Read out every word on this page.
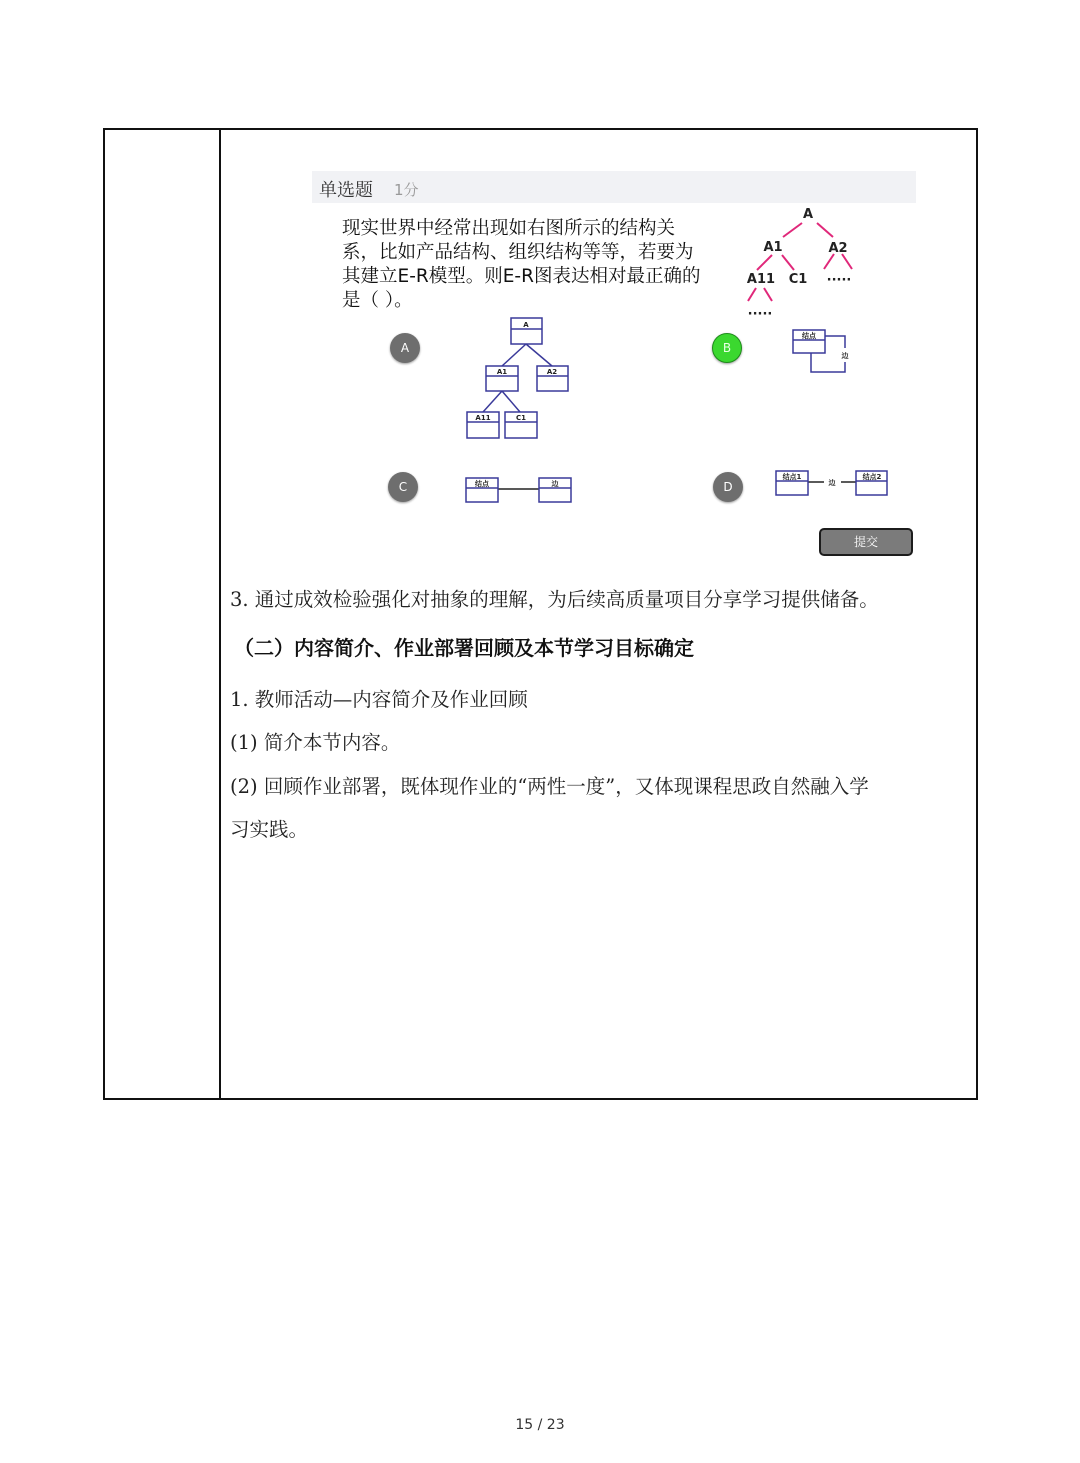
单选题 1分
现实世界中经常出现如右图所示的结构关系，比如产品结构、组织结构等等，若要为其建立E-R模型。则E-R图表达相对最正确的是（ ）。
A
A1	A2
A11 C1 ·····
·····
A
A1	A2
A11	C1
结点
边
结点	边
结点1
边
结点2
A	B
C	D
提交
3. 通过成效检验强化对抽象的理解，为后续高质量项目分享学习提供储备。
（二）内容简介、作业部署回顾及本节学习目标确定
1. 教师活动—内容简介及作业回顾
(1) 简介本节内容。
(2) 回顾作业部署，既体现作业的“两性一度”，又体现课程思政自然融入学
习实践。
15 / 23
